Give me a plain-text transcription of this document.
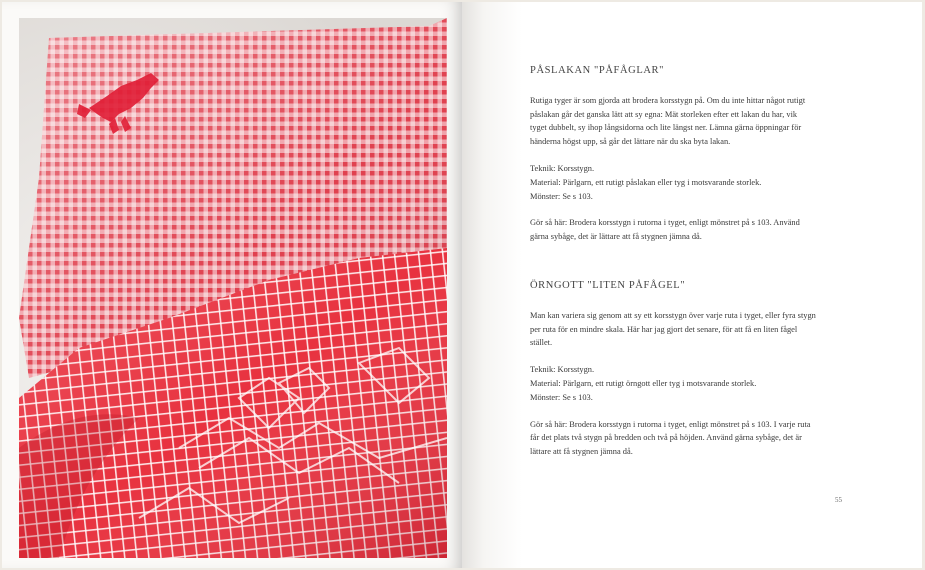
PÅSLAKAN "PÅFÅGLAR"

Rutiga tyger är som gjorda att brodera korsstygn på. Om du inte hittar något rutigt
påslakan går det ganska lätt att sy egna: Mät storleken efter ett lakan du har, vik
tyget dubbelt, sy ihop långsidorna och lite längst ner. Lämna gärna öppningar för
händerna högst upp, så går det lättare när du ska byta lakan.

Teknik: Korsstygn.
Material: Pärlgarn, ett rutigt påslakan eller tyg i motsvarande storlek.
Mönster: Se s 103.

Gör så här: Brodera korsstygn i rutorna i tyget, enligt mönstret på s 103. Använd
gärna sybåge, det är lättare att få stygnen jämna då.

ÖRNGOTT "LITEN PÅFÅGEL"

Man kan variera sig genom att sy ett korsstygn över varje ruta i tyget, eller fyra stygn
per ruta för en mindre skala. Här har jag gjort det senare, för att få en liten fågel
stället.

Teknik: Korsstygn.
Material: Pärlgarn, ett rutigt örngott eller tyg i motsvarande storlek.
Mönster: Se s 103.

Gör så här: Brodera korsstygn i rutorna i tyget, enligt mönstret på s 103. I varje ruta
får det plats två stygn på bredden och två på höjden. Använd gärna sybåge, det är
lättare att få stygnen jämna då.

55
